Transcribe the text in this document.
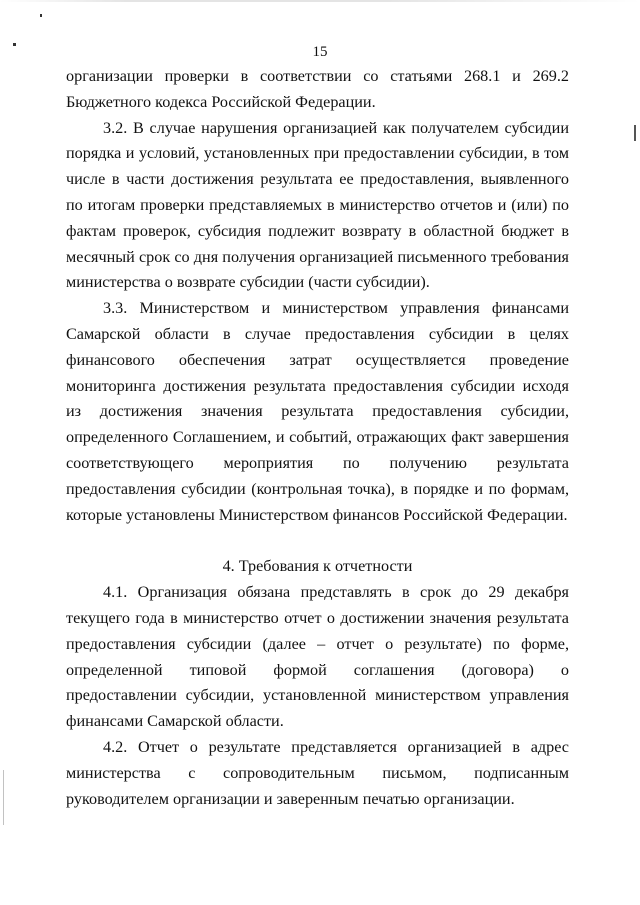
15

организации проверки в соответствии со статьями 268.1 и 269.2 Бюджетного кодекса Российской Федерации.

3.2. В случае нарушения организацией как получателем субсидии порядка и условий, установленных при предоставлении субсидии, в том числе в части достижения результата ее предоставления, выявленного по итогам проверки представляемых в министерство отчетов и (или) по фактам проверок, субсидия подлежит возврату в областной бюджет в месячный срок со дня получения организацией письменного требования министерства о возврате субсидии (части субсидии).

3.3. Министерством и министерством управления финансами Самарской области в случае предоставления субсидии в целях финансового обеспечения затрат осуществляется проведение мониторинга достижения результата предоставления субсидии исходя из достижения значения результата предоставления субсидии, определенного Соглашением, и событий, отражающих факт завершения соответствующего мероприятия по получению результата предоставления субсидии (контрольная точка), в порядке и по формам, которые установлены Министерством финансов Российской Федерации.

4. Требования к отчетности

4.1. Организация обязана представлять в срок до 29 декабря текущего года в министерство отчет о достижении значения результата предоставления субсидии (далее – отчет о результате) по форме, определенной типовой формой соглашения (договора) о предоставлении субсидии, установленной министерством управления финансами Самарской области.

4.2. Отчет о результате представляется организацией в адрес министерства с сопроводительным письмом, подписанным руководителем организации и заверенным печатью организации.
